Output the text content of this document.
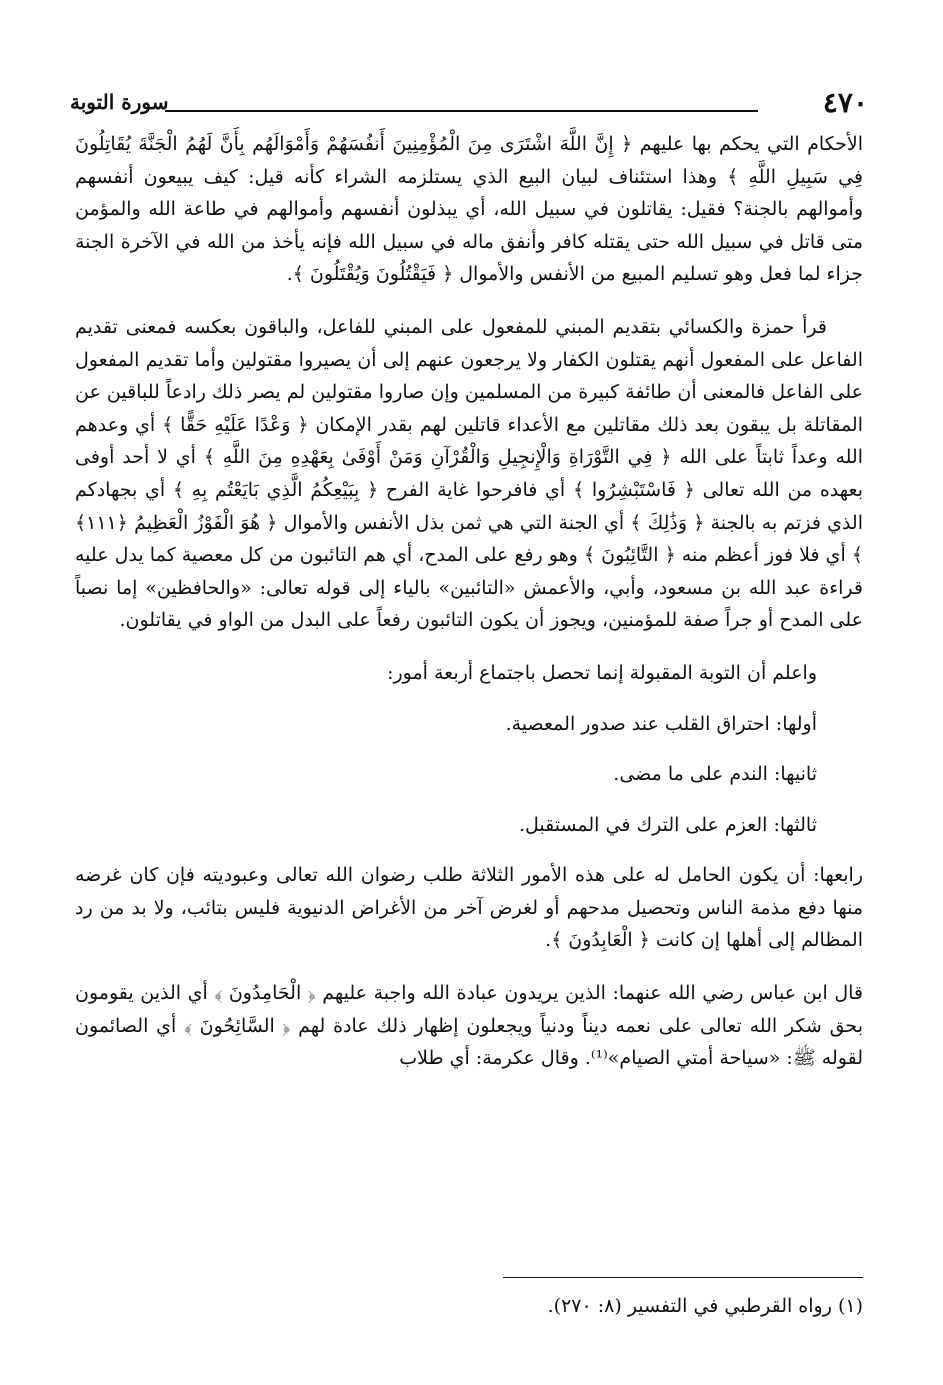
٤٧٠
سورة التوبة

الأحكام التي يحكم بها عليهم ﴿ إِنَّ اللَّهَ اشْتَرَى مِنَ الْمُؤْمِنِينَ أَنفُسَهُمْ وَأَمْوَالَهُم بِأَنَّ لَهُمُ الْجَنَّةَ يُقَاتِلُونَ فِي سَبِيلِ اللَّهِ ﴾ وهذا استئناف لبيان البيع الذي يستلزمه الشراء كأنه قيل: كيف يبيعون أنفسهم وأموالهم بالجنة؟ فقيل: يقاتلون في سبيل الله، أي يبذلون أنفسهم وأموالهم في طاعة الله والمؤمن متى قاتل في سبيل الله حتى يقتله كافر وأنفق ماله في سبيل الله فإنه يأخذ من الله في الآخرة الجنة جزاء لما فعل وهو تسليم المبيع من الأنفس والأموال ﴿ فَيَقْتُلُونَ وَيُقْتَلُونَ ﴾.

قرأ حمزة والكسائي بتقديم المبني للمفعول على المبني للفاعل، والباقون بعكسه فمعنى تقديم الفاعل على المفعول أنهم يقتلون الكفار ولا يرجعون عنهم إلى أن يصيروا مقتولين وأما تقديم المفعول على الفاعل فالمعنى أن طائفة كبيرة من المسلمين وإن صاروا مقتولين لم يصر ذلك رادعاً للباقين عن المقاتلة بل يبقون بعد ذلك مقاتلين مع الأعداء قاتلين لهم بقدر الإمكان ﴿ وَعْدًا عَلَيْهِ حَقًّا ﴾ أي وعدهم الله وعداً ثابتاً على الله ﴿ فِي التَّوْرَاةِ وَالْإِنجِيلِ وَالْقُرْآنِ وَمَنْ أَوْفَىٰ بِعَهْدِهِ مِنَ اللَّهِ ﴾ أي لا أحد أوفى بعهده من الله تعالى ﴿ فَاسْتَبْشِرُوا ﴾ أي فافرحوا غاية الفرح ﴿ بِبَيْعِكُمُ الَّذِي بَايَعْتُم بِهِ ﴾ أي بجهادكم الذي فزتم به بالجنة ﴿ وَذَٰلِكَ ﴾ أي الجنة التي هي ثمن بذل الأنفس والأموال ﴿ هُوَ الْفَوْزُ الْعَظِيمُ ﴿١١١﴾ ﴾ أي فلا فوز أعظم منه ﴿ التَّائِبُونَ ﴾ وهو رفع على المدح، أي هم التائبون من كل معصية كما يدل عليه قراءة عبد الله بن مسعود، وأبي، والأعمش «التائبين» بالياء إلى قوله تعالى: «والحافظين» إما نصباً على المدح أو جراً صفة للمؤمنين، ويجوز أن يكون التائبون رفعاً على البدل من الواو في يقاتلون.

واعلم أن التوبة المقبولة إنما تحصل باجتماع أربعة أمور:

أولها: احتراق القلب عند صدور المعصية.

ثانيها: الندم على ما مضى.

ثالثها: العزم على الترك في المستقبل.

رابعها: أن يكون الحامل له على هذه الأمور الثلاثة طلب رضوان الله تعالى وعبوديته فإن كان غرضه منها دفع مذمة الناس وتحصيل مدحهم أو لغرض آخر من الأغراض الدنيوية فليس بتائب، ولا بد من رد المظالم إلى أهلها إن كانت ﴿ الْعَابِدُونَ ﴾.

قال ابن عباس رضي الله عنهما: الذين يريدون عبادة الله واجبة عليهم ﴿ الْحَامِدُونَ ﴾ أي الذين يقومون بحق شكر الله تعالى على نعمه ديناً ودنياً ويجعلون إظهار ذلك عادة لهم ﴿ السَّائِحُونَ ﴾ أي الصائمون لقوله ﷺ: «سياحة أمتي الصيام»⁽¹⁾. وقال عكرمة: أي طلاب

(١) رواه القرطبي في التفسير (٨: ٢٧٠).
